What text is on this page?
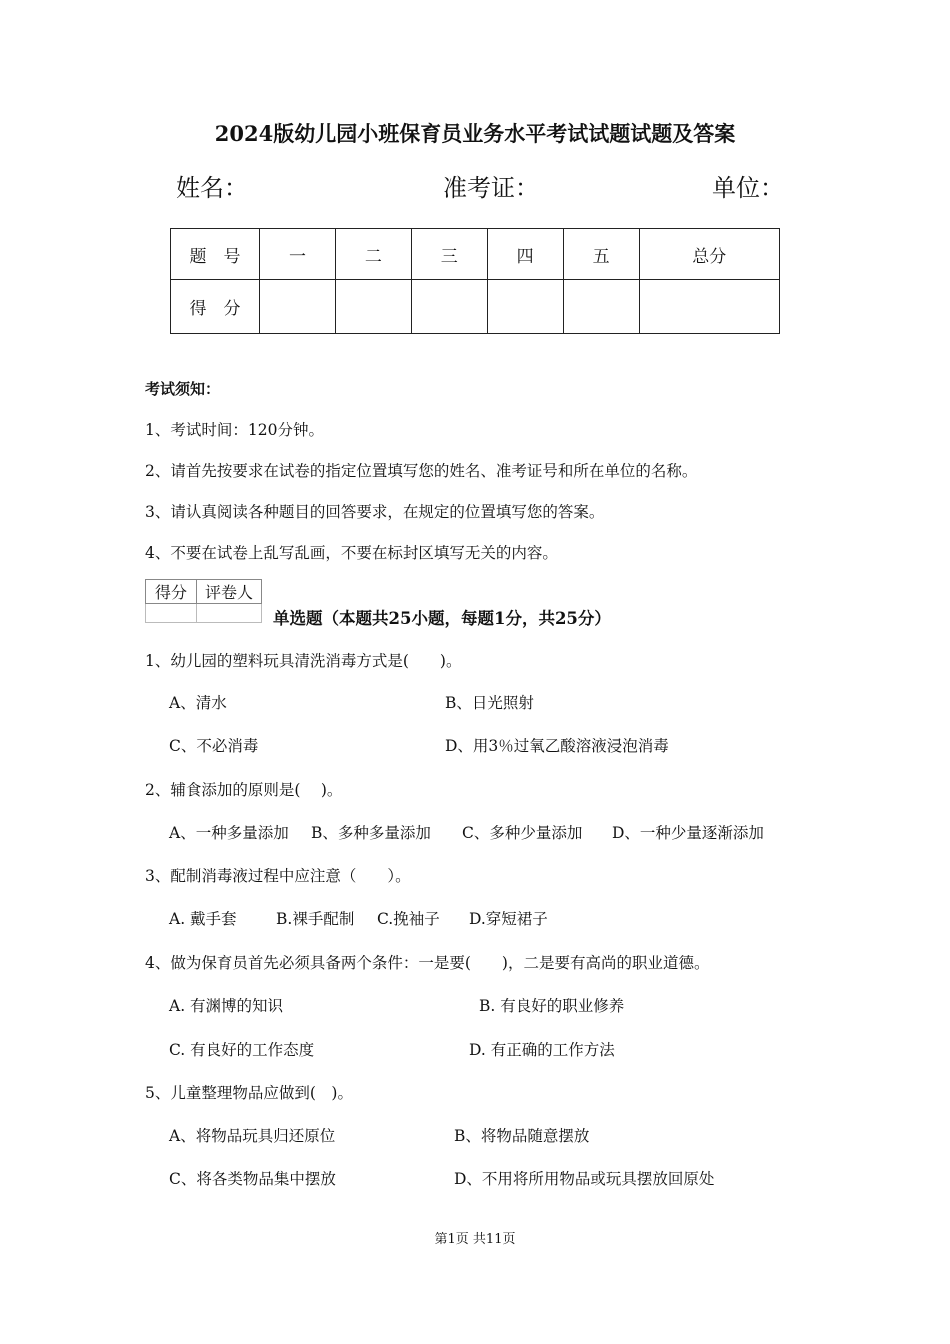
2024版幼儿园小班保育员业务水平考试试题试题及答案
姓名：	准考证：	单位：
题　号	一	二	三	四	五	总分
得　分						
考试须知：
1、考试时间：120分钟。
2、请首先按要求在试卷的指定位置填写您的姓名、准考证号和所在单位的名称。
3、请认真阅读各种题目的回答要求，在规定的位置填写您的答案。
4、不要在试卷上乱写乱画，不要在标封区填写无关的内容。
得分	评卷人

单选题（本题共25小题，每题1分，共25分）
1、幼儿园的塑料玩具清洗消毒方式是(　　)。
A、清水	B、日光照射
C、不必消毒	D、用3％过氧乙酸溶液浸泡消毒
2、辅食添加的原则是(　 )。
A、一种多量添加 B、多种多量添加 C、多种少量添加 D、一种少量逐渐添加
3、配制消毒液过程中应注意（　　）。
A. 戴手套	B.裸手配制 C.挽袖子 D.穿短裙子
4、做为保育员首先必须具备两个条件：一是要(　　)，二是要有高尚的职业道德。
A. 有渊博的知识	B. 有良好的职业修养
C. 有良好的工作态度	D. 有正确的工作方法
5、儿童整理物品应做到(　)。
A、将物品玩具归还原位	B、将物品随意摆放
C、将各类物品集中摆放	D、不用将所用物品或玩具摆放回原处
第1页 共11页
